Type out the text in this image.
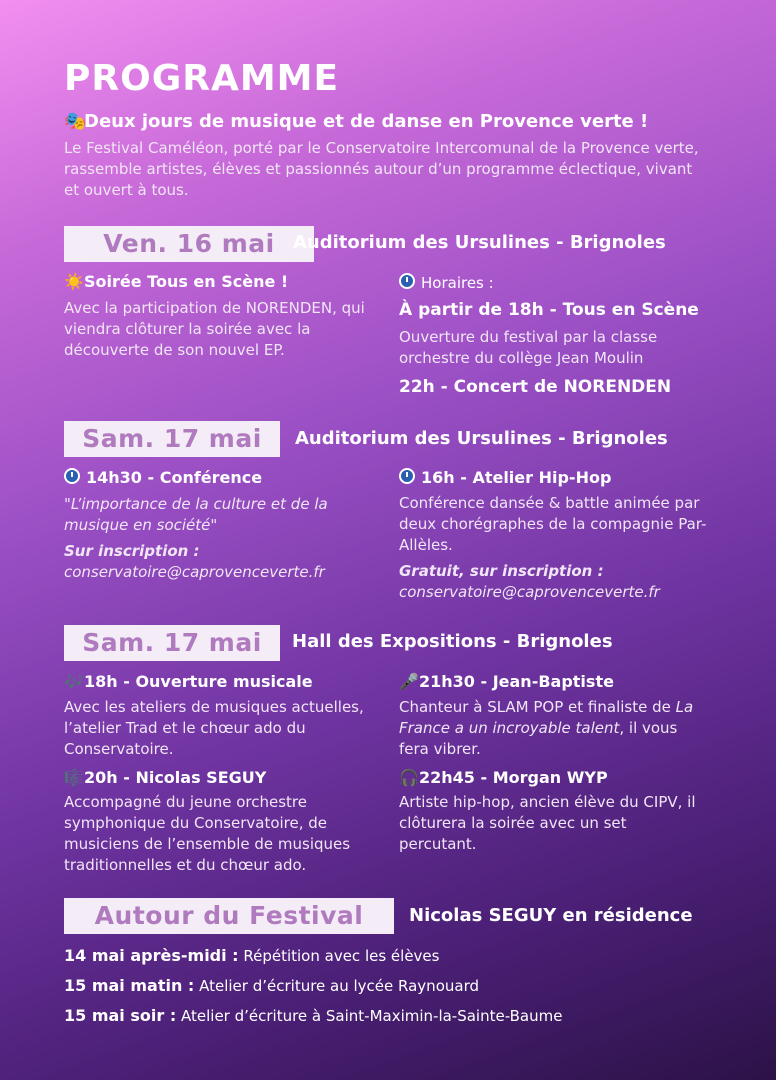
PROGRAMME
🎭Deux jours de musique et de danse en Provence verte !
Le Festival Caméléon, porté par le Conservatoire Intercomunal de la Provence verte, rassemble artistes, élèves et passionnés autour d’un programme éclectique, vivant et ouvert à tous.
Ven. 16 mai	Auditorium des Ursulines - Brignoles
☀️Soirée Tous en Scène !
Avec la participation de NORENDEN, qui viendra clôturer la soirée avec la découverte de son nouvel EP.
Horaires :
À partir de 18h - Tous en Scène
Ouverture du festival par la classe orchestre du collège Jean Moulin
22h - Concert de NORENDEN
Sam. 17 mai	Auditorium des Ursulines - Brignoles
14h30 - Conférence
"L’importance de la culture et de la musique en société"
Sur inscription :
conservatoire@caprovenceverte.fr
16h - Atelier Hip-Hop
Conférence dansée & battle animée par deux chorégraphes de la compagnie Par-Allèles.
Gratuit, sur inscription :
conservatoire@caprovenceverte.fr
Sam. 17 mai	Hall des Expositions - Brignoles
🎶18h - Ouverture musicale
Avec les ateliers de musiques actuelles, l’atelier Trad et le chœur ado du Conservatoire.
🎼20h - Nicolas SEGUY
Accompagné du jeune orchestre symphonique du Conservatoire, de musiciens de l’ensemble de musiques traditionnelles et du chœur ado.
🎤21h30 - Jean-Baptiste
Chanteur à SLAM POP et finaliste de La France a un incroyable talent, il vous fera vibrer.
🎧22h45 - Morgan WYP
Artiste hip-hop, ancien élève du CIPV, il clôturera la soirée avec un set percutant.
Autour du Festival	Nicolas SEGUY en résidence
14 mai après-midi : Répétition avec les élèves
15 mai matin : Atelier d’écriture au lycée Raynouard
15 mai soir : Atelier d’écriture à Saint-Maximin-la-Sainte-Baume
